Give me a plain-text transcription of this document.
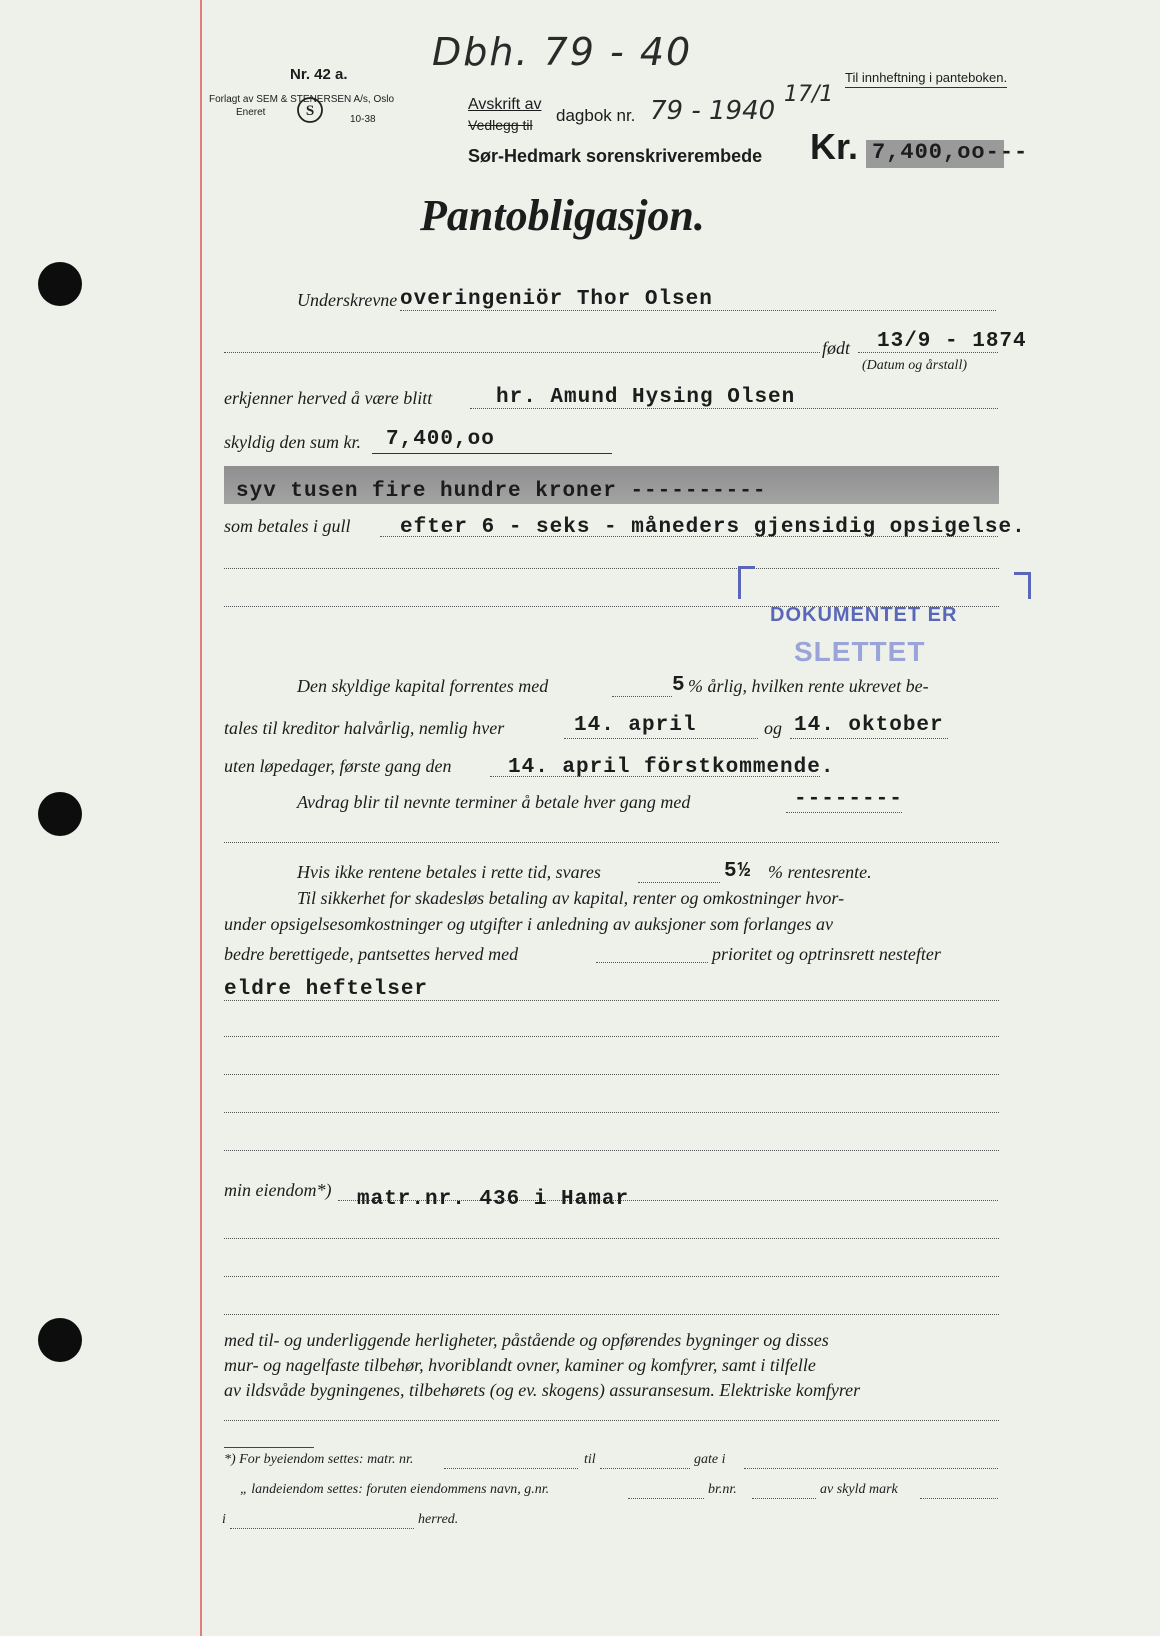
Dbh. 79 - 40
Nr. 42 a.
Forlagt av SEM & STENERSEN A/s, Oslo
Eneret	S
10-38
Til innheftning i panteboken.
Avskrift av
Vedlegg til dagbok nr. 79 - 1940
17/1
Sør-Hedmark sorenskriverembede Kr. 7,400,oo---
Pantobligasjon.
Underskrevne overingeniör Thor Olsen
født 13/9 - 1874
(Datum og årstall)
erkjenner herved å være blitt	hr. Amund Hysing Olsen
skyldig den sum kr. 7,400,oo
syv tusen fire hundre kroner ----------
som betales i gull efter 6 - seks - måneders gjensidig opsigelse.
DOKUMENTET ER
SLETTET
Den skyldige kapital forrentes med	5 % årlig, hvilken rente ukrevet be-
tales til kreditor halvårlig, nemlig hver	14. april	og 14. oktober
uten løpedager, første gang den	14. april förstkommende.
Avdrag blir til nevnte terminer å betale hver gang med	--------
Hvis ikke rentene betales i rette tid, svares	5½ % rentesrente.
Til sikkerhet for skadesløs betaling av kapital, renter og omkostninger hvor-
under opsigelsesomkostninger og utgifter i anledning av auksjoner som forlanges av
bedre berettigede, pantsettes herved med	prioritet og optrinsrett nestefter
eldre heftelser
min eiendom*) matr.nr. 436 i Hamar
med til- og underliggende herligheter, påstående og opførendes bygninger og disses
mur- og nagelfaste tilbehør, hvoriblandt ovner, kaminer og komfyrer, samt i tilfelle
av ildsvåde bygningenes, tilbehørets (og ev. skogens) assuransesum. Elektriske komfyrer
*) For byeiendom settes: matr. nr.	til	gate i
„ landeiendom settes: foruten eiendommens navn, g.nr.	br.nr.	av skyld mark
i	herred.
